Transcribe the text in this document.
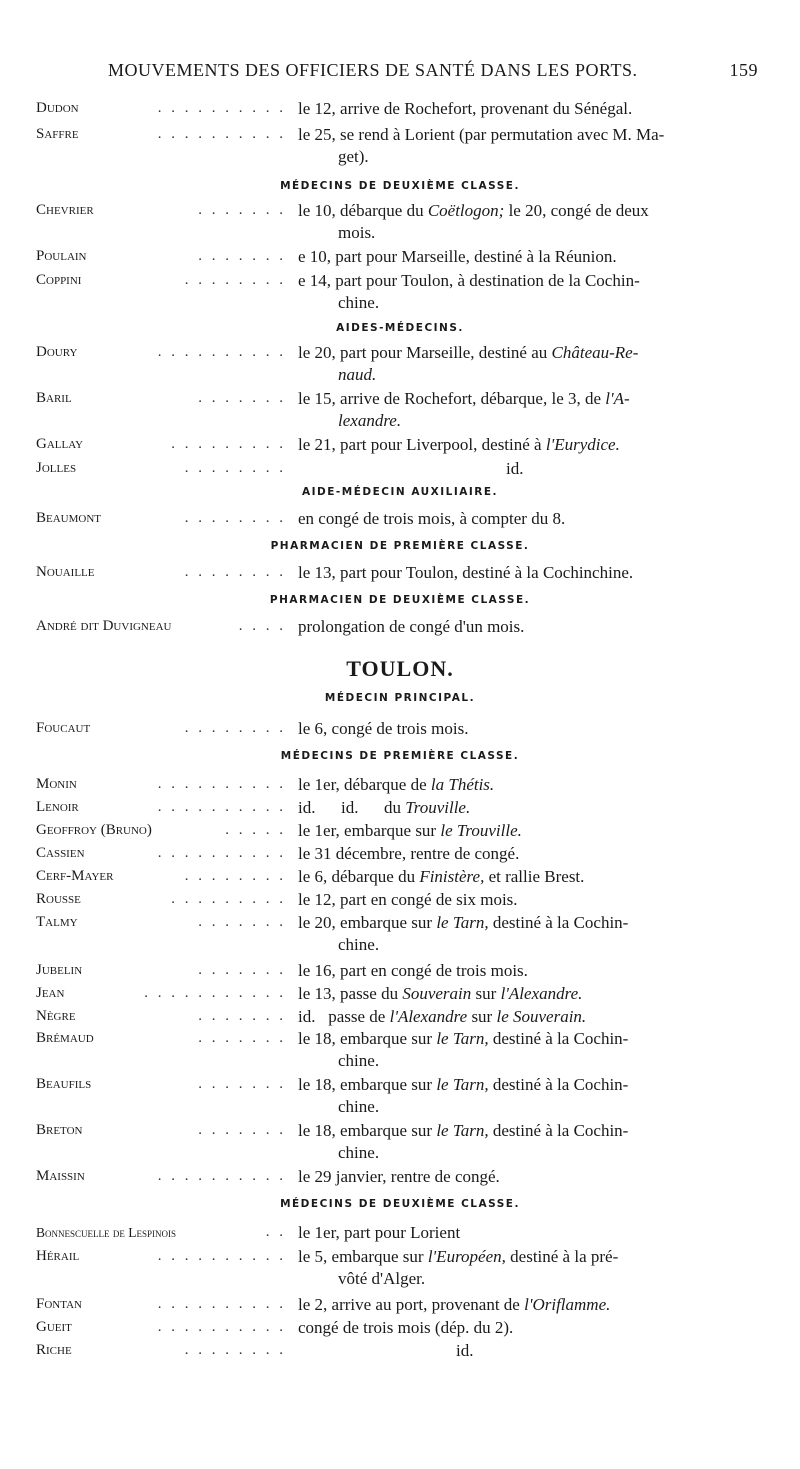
MOUVEMENTS DES OFFICIERS DE SANTÉ DANS LES PORTS.	159
Dudon	. . . . . . . . . . le 12, arrive de Rochefort, provenant du Sénégal.
Saffre	. . . . . . . . . . le 25, se rend à Lorient (par permutation avec M. Ma-
get).
MÉDECINS DE DEUXIÈME CLASSE.
Chevrier	. . . . . . . le 10, débarque du Coëtlogon; le 20, congé de deux
mois.
Poulain	. . . . . . . e 10, part pour Marseille, destiné à la Réunion.
Coppini	. . . . . . . . e 14, part pour Toulon, à destination de la Cochin-
chine.
AIDES-MÉDECINS.
Doury	. . . . . . . . . . le 20, part pour Marseille, destiné au Château-Re-
naud.
Baril	. . . . . . . le 15, arrive de Rochefort, débarque, le 3, de l'A-
lexandre.
Gallay	. . . . . . . . . le 21, part pour Liverpool, destiné à l'Eurydice.
Jolles	. . . . . . . .	id.
AIDE-MÉDECIN AUXILIAIRE.
Beaumont	. . . . . . . . en congé de trois mois, à compter du 8.
PHARMACIEN DE PREMIÈRE CLASSE.
Nouaille	. . . . . . . . le 13, part pour Toulon, destiné à la Cochinchine.
PHARMACIEN DE DEUXIÈME CLASSE.
André dit Duvigneau	. . . . prolongation de congé d'un mois.
TOULON.
MÉDECIN PRINCIPAL.
Foucaut	. . . . . . . . le 6, congé de trois mois.
MÉDECINS DE PREMIÈRE CLASSE.
Monin	. . . . . . . . . . le 1er, débarque de la Thétis.
Lenoir	. . . . . . . . . . id.      id.      du Trouville.
Geoffroy (Bruno)	. . . . . le 1er, embarque sur le Trouville.
Cassien	. . . . . . . . . . le 31 décembre, rentre de congé.
Cerf-Mayer	. . . . . . . . le 6, débarque du Finistère, et rallie Brest.
Rousse	. . . . . . . . . le 12, part en congé de six mois.
Talmy	. . . . . . . le 20, embarque sur le Tarn, destiné à la Cochin-
chine.
Jubelin	. . . . . . . le 16, part en congé de trois mois.
Jean	. . . . . . . . . . . le 13, passe du Souverain sur l'Alexandre.
Nègre	. . . . . . . id.   passe de l'Alexandre sur le Souverain.
Brémaud	. . . . . . . le 18, embarque sur le Tarn, destiné à la Cochin-
chine.
Beaufils	. . . . . . . le 18, embarque sur le Tarn, destiné à la Cochin-
chine.
Breton	. . . . . . . le 18, embarque sur le Tarn, destiné à la Cochin-
chine.
Maissin	. . . . . . . . . . le 29 janvier, rentre de congé.
MÉDECINS DE DEUXIÈME CLASSE.
Bonnescuelle de Lespinois	. . le 1er, part pour Lorient
Hérail	. . . . . . . . . . le 5, embarque sur l'Européen, destiné à la pré-
vôté d'Alger.
Fontan	. . . . . . . . . . le 2, arrive au port, provenant de l'Oriflamme.
Gueit	. . . . . . . . . . congé de trois mois (dép. du 2).
Riche	. . . . . . . .	id.
